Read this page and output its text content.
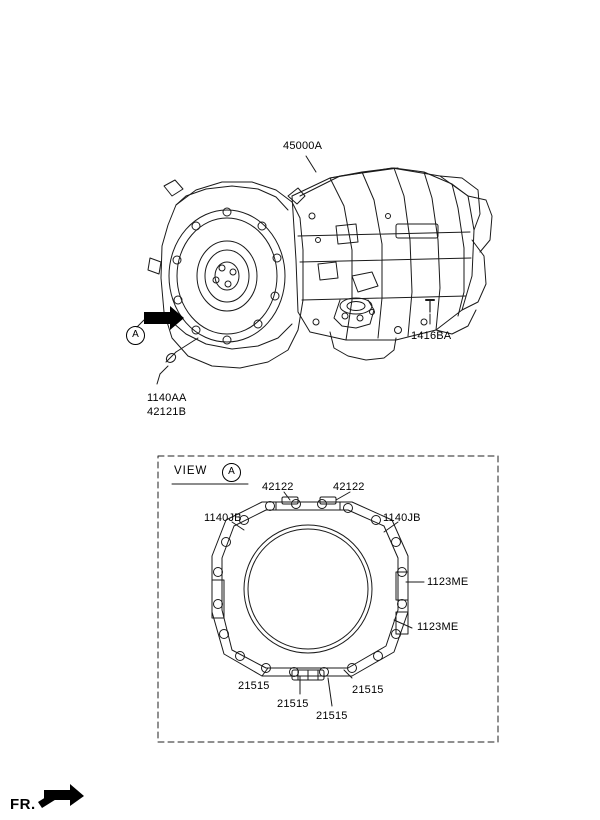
45000A
1416BA
1140AA
42121B
A
VIEW	A
42122	42122
1140JB	1140JB
1123ME
1123ME
21515
21515
21515
21515
FR.
